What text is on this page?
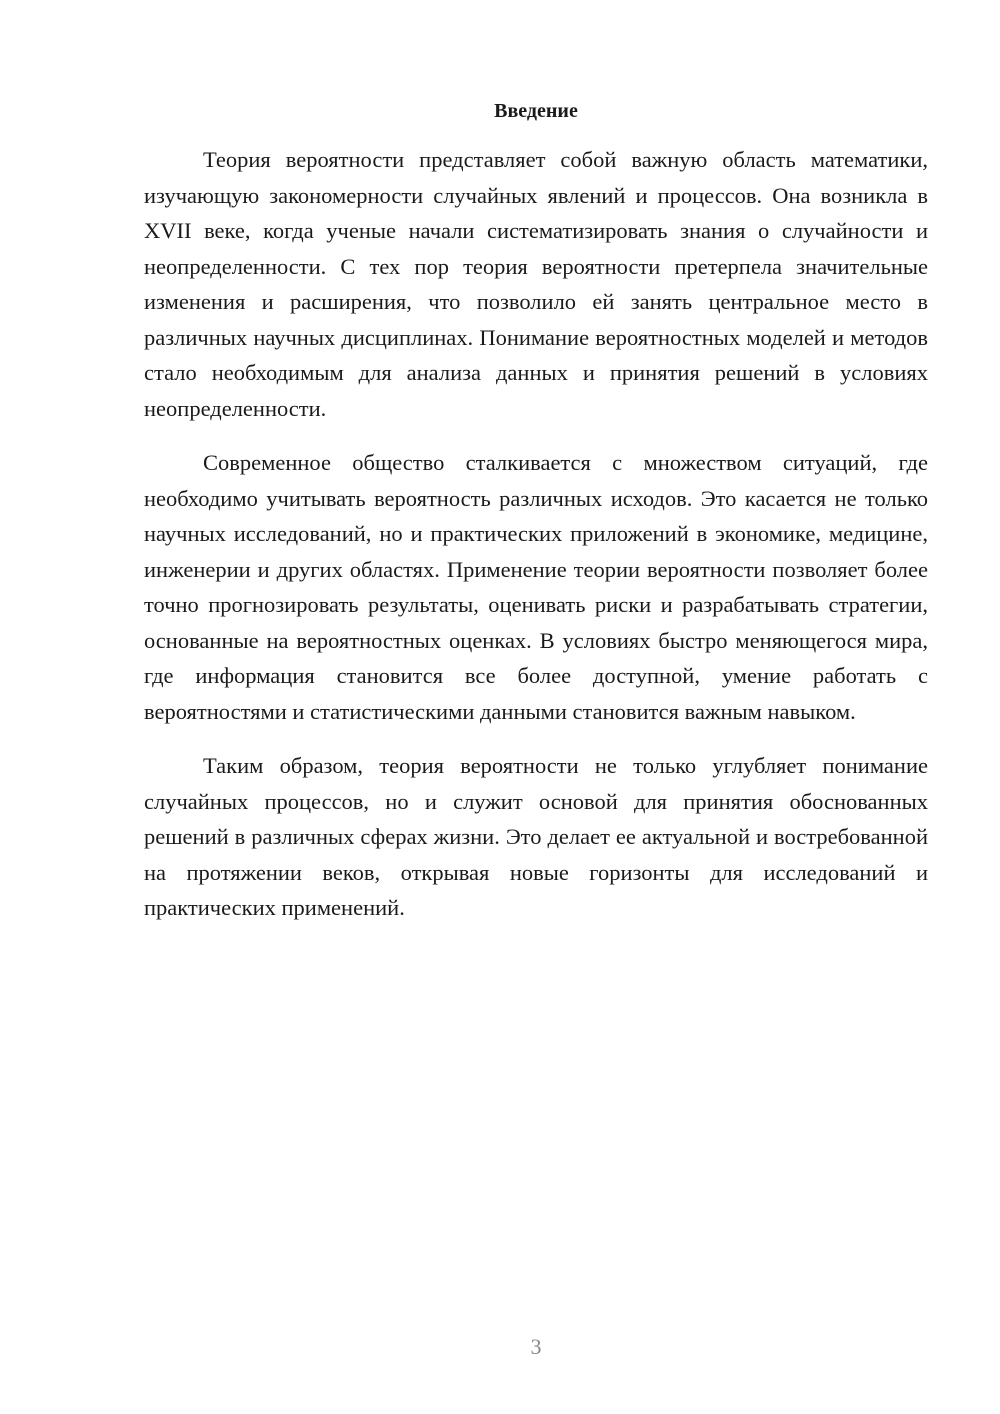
Введение

Теория вероятности представляет собой важную область математики, изучающую закономерности случайных явлений и процессов. Она возникла в XVII веке, когда ученые начали систематизировать знания о случайности и неопределенности. С тех пор теория вероятности претерпела значительные изменения и расширения, что позволило ей занять центральное место в различных научных дисциплинах. Понимание вероятностных моделей и методов стало необходимым для анализа данных и принятия решений в условиях неопределенности.

Современное общество сталкивается с множеством ситуаций, где необходимо учитывать вероятность различных исходов. Это касается не только научных исследований, но и практических приложений в экономике, медицине, инженерии и других областях. Применение теории вероятности позволяет более точно прогнозировать результаты, оценивать риски и разрабатывать стратегии, основанные на вероятностных оценках. В условиях быстро меняющегося мира, где информация становится все более доступной, умение работать с вероятностями и статистическими данными становится важным навыком.

Таким образом, теория вероятности не только углубляет понимание случайных процессов, но и служит основой для принятия обоснованных решений в различных сферах жизни. Это делает ее актуальной и востребованной на протяжении веков, открывая новые горизонты для исследований и практических применений.

3
